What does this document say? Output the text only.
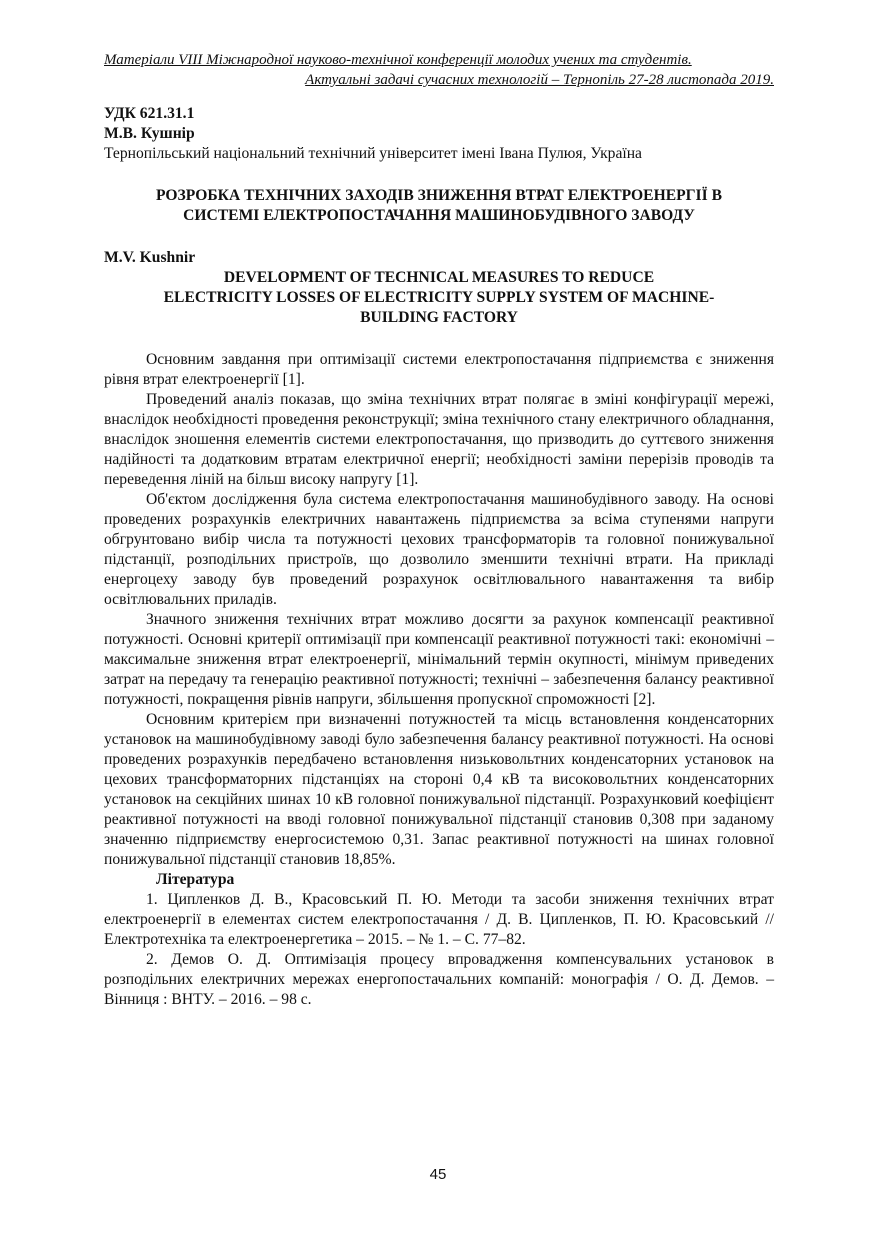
Матеріали VIII Міжнародної науково-технічної конференції молодих учених та студентів.
Актуальні задачі сучасних технологій – Тернопіль 27-28 листопада 2019.
УДК 621.31.1
М.В. Кушнір
Тернопільський національний технічний університет імені Івана Пулюя, Україна
РОЗРОБКА ТЕХНІЧНИХ ЗАХОДІВ ЗНИЖЕННЯ ВТРАТ ЕЛЕКТРОЕНЕРГІЇ В
СИСТЕМІ ЕЛЕКТРОПОСТАЧАННЯ МАШИНОБУДІВНОГО ЗАВОДУ
M.V. Kushnir
DEVELOPMENT OF TECHNICAL MEASURES TO REDUCE
ELECTRICITY LOSSES OF ELECTRICITY SUPPLY SYSTEM OF MACHINE-
BUILDING FACTORY

Основним завдання при оптимізації системи електропостачання підприємства є зниження рівня втрат електроенергії [1].

Проведений аналіз показав, що зміна технічних втрат полягає в зміні конфігурації мережі, внаслідок необхідності проведення реконструкції; зміна технічного стану електричного обладнання, внаслідок зношення елементів системи електропостачання, що призводить до суттєвого зниження надійності та додатковим втратам електричної енергії; необхідності заміни перерізів проводів та переведення ліній на більш високу напругу [1].

Об'єктом дослідження була система електропостачання машинобудівного заводу. На основі проведених розрахунків електричних навантажень підприємства за всіма ступенями напруги обгрунтовано вибір числа та потужності цехових трансформаторів та головної понижувальної підстанції, розподільних пристроїв, що дозволило зменшити технічні втрати. На прикладі енергоцеху заводу був проведений розрахунок освітлювального навантаження та вибір освітлювальних приладів.

Значного зниження технічних втрат можливо досягти за рахунок компенсації реактивної потужності. Основні критерії оптимізації при компенсації реактивної потужності такі: економічні – максимальне зниження втрат електроенергії, мінімальний термін окупності, мінімум приведених затрат на передачу та генерацію реактивної потужності; технічні – забезпечення балансу реактивної потужності, покращення рівнів напруги, збільшення пропускної спроможності [2].

Основним критерієм при визначенні потужностей та місць встановлення конденсаторних установок на машинобудівному заводі було забезпечення балансу реактивної потужності. На основі проведених розрахунків передбачено встановлення низьковольтних конденсаторних установок на цехових трансформаторних підстанціях на стороні 0,4 кВ та високовольтних конденсаторних установок на секційних шинах 10 кВ головної понижувальної підстанції. Розрахунковий коефіцієнт реактивної потужності на вводі головної понижувальної підстанції становив 0,308 при заданому значенню підприємству енергосистемою 0,31. Запас реактивної потужності на шинах головної понижувальної підстанції становив 18,85%.

Література

1. Ципленков Д. В., Красовський П. Ю. Методи та засоби зниження технічних втрат електроенергії в елементах систем електропостачання / Д. В. Ципленков, П. Ю. Красовський // Електротехніка та електроенергетика – 2015. – № 1. – С. 77–82.

2. Демов О. Д. Оптимізація процесу впровадження компенсувальних установок в розподільних електричних мережах енергопостачальних компаній: монографія / О. Д. Демов. – Вінниця : ВНТУ. – 2016. – 98 с.

45
